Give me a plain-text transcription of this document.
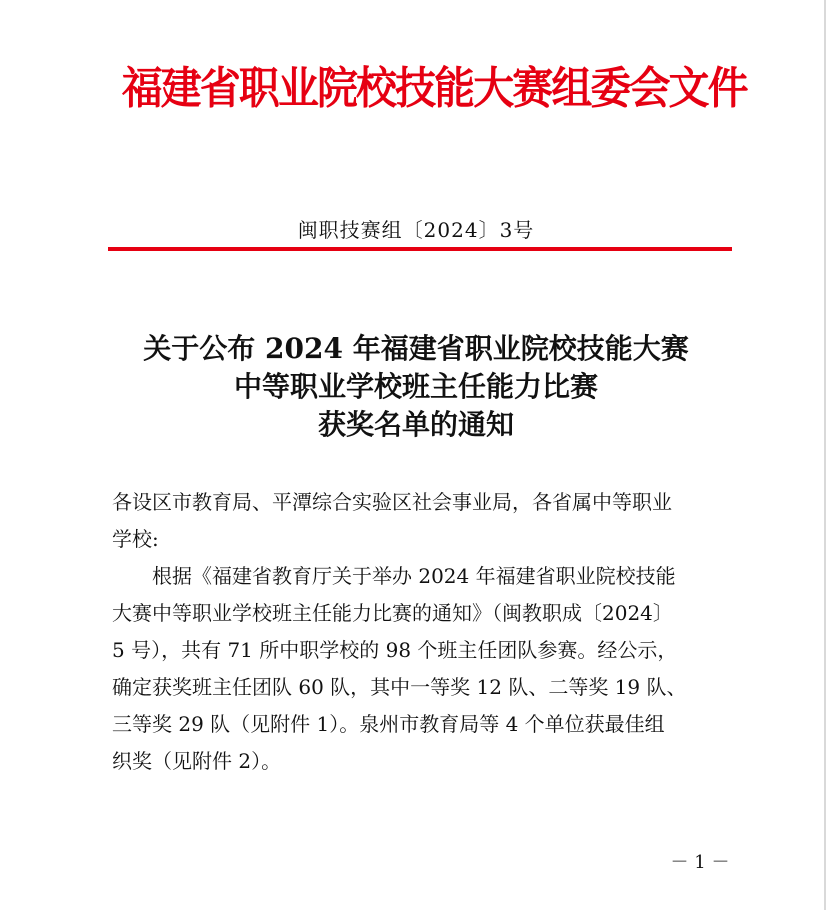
福建省职业院校技能大赛组委会文件
闽职技赛组〔2024〕3号
关于公布 2024 年福建省职业院校技能大赛
中等职业学校班主任能力比赛
获奖名单的通知

各设区市教育局、平潭综合实验区社会事业局，各省属中等职业

学校:

根据《福建省教育厅关于举办 2024 年福建省职业院校技能

大赛中等职业学校班主任能力比赛的通知》（闽教职成〔2024〕

5 号），共有 71 所中职学校的 98 个班主任团队参赛。经公示，

确定获奖班主任团队 60 队，其中一等奖 12 队、二等奖 19 队、

三等奖 29 队（见附件 1）。泉州市教育局等 4 个单位获最佳组

织奖（见附件 2）。

－ 1 －
